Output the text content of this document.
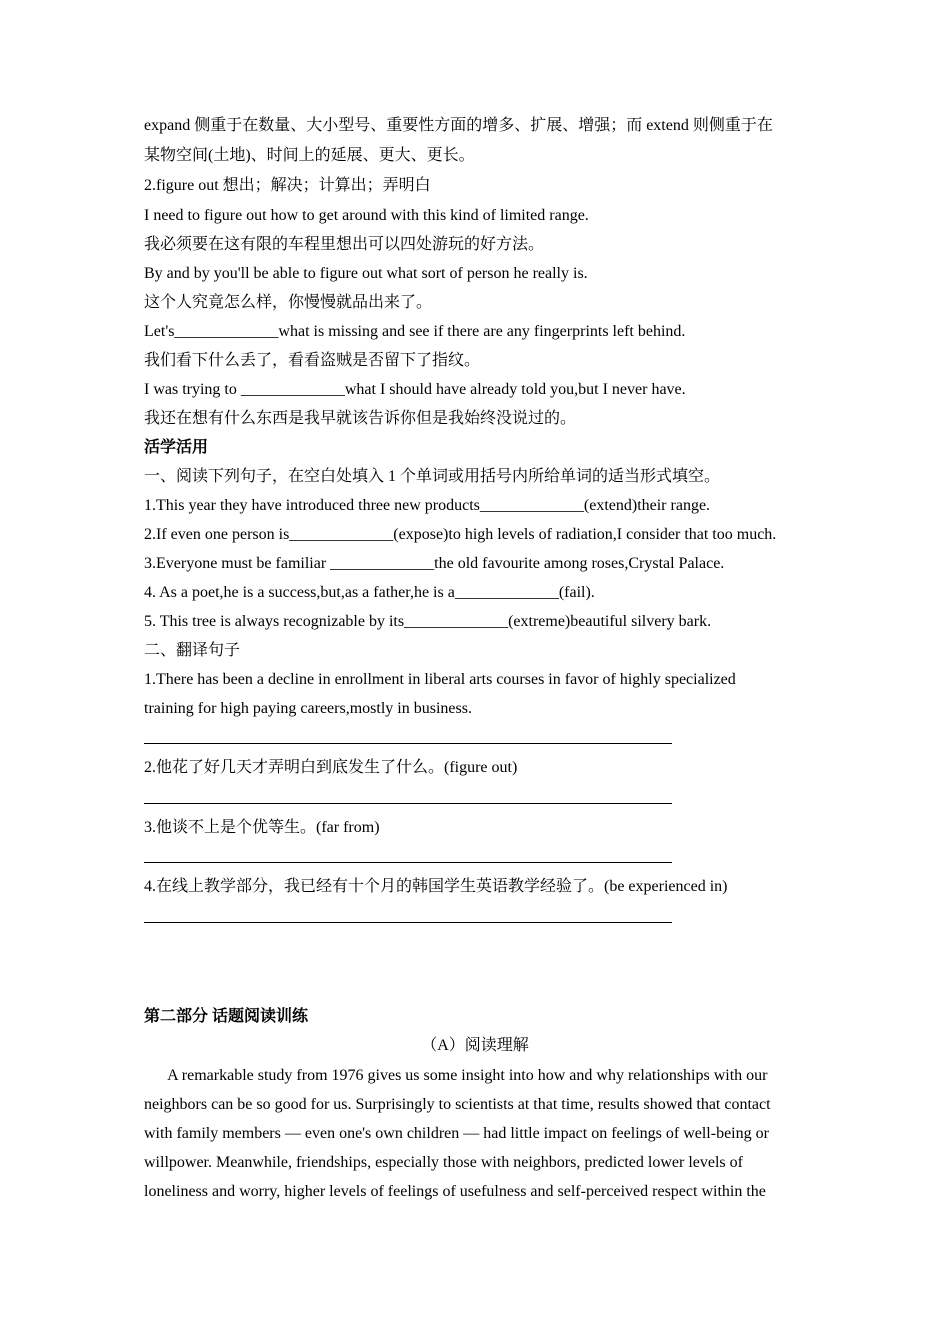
expand 侧重于在数量、大小型号、重要性方面的增多、扩展、增强；而 extend 则侧重于在
某物空间(土地)、时间上的延展、更大、更长。
2.figure out 想出；解决；计算出；弄明白
I need to figure out how to get around with this kind of limited range.
我必须要在这有限的车程里想出可以四处游玩的好方法。
By and by you'll be able to figure out what sort of person he really is.
这个人究竟怎么样，你慢慢就品出来了。
Let's_____________what is missing and see if there are any fingerprints left behind.
我们看下什么丢了，看看盗贼是否留下了指纹。
I was trying to _____________what I should have already told you,but I never have.
我还在想有什么东西是我早就该告诉你但是我始终没说过的。
活学活用
一、阅读下列句子，在空白处填入 1 个单词或用括号内所给单词的适当形式填空。
1.This year they have introduced three new products_____________(extend)their range.
2.If even one person is_____________(expose)to high levels of radiation,I consider that too much.
3.Everyone must be familiar _____________the old favourite among roses,Crystal Palace.
4. As a poet,he is a success,but,as a father,he is a_____________(fail).
5. This tree is always recognizable by its_____________(extreme)beautiful silvery bark.
二、翻译句子
1.There has been a decline in enrollment in liberal arts courses in favor of highly specialized
training for high paying careers,mostly in business.
2.他花了好几天才弄明白到底发生了什么。(figure out)
3.他谈不上是个优等生。(far from)
4.在线上教学部分，我已经有十个月的韩国学生英语教学经验了。(be experienced in)
第二部分 话题阅读训练
（A）阅读理解
A remarkable study from 1976 gives us some insight into how and why relationships with our
neighbors can be so good for us. Surprisingly to scientists at that time, results showed that contact
with family members — even one's own children — had little impact on feelings of well-being or
willpower. Meanwhile, friendships, especially those with neighbors, predicted lower levels of
loneliness and worry, higher levels of feelings of usefulness and self-perceived respect within the
